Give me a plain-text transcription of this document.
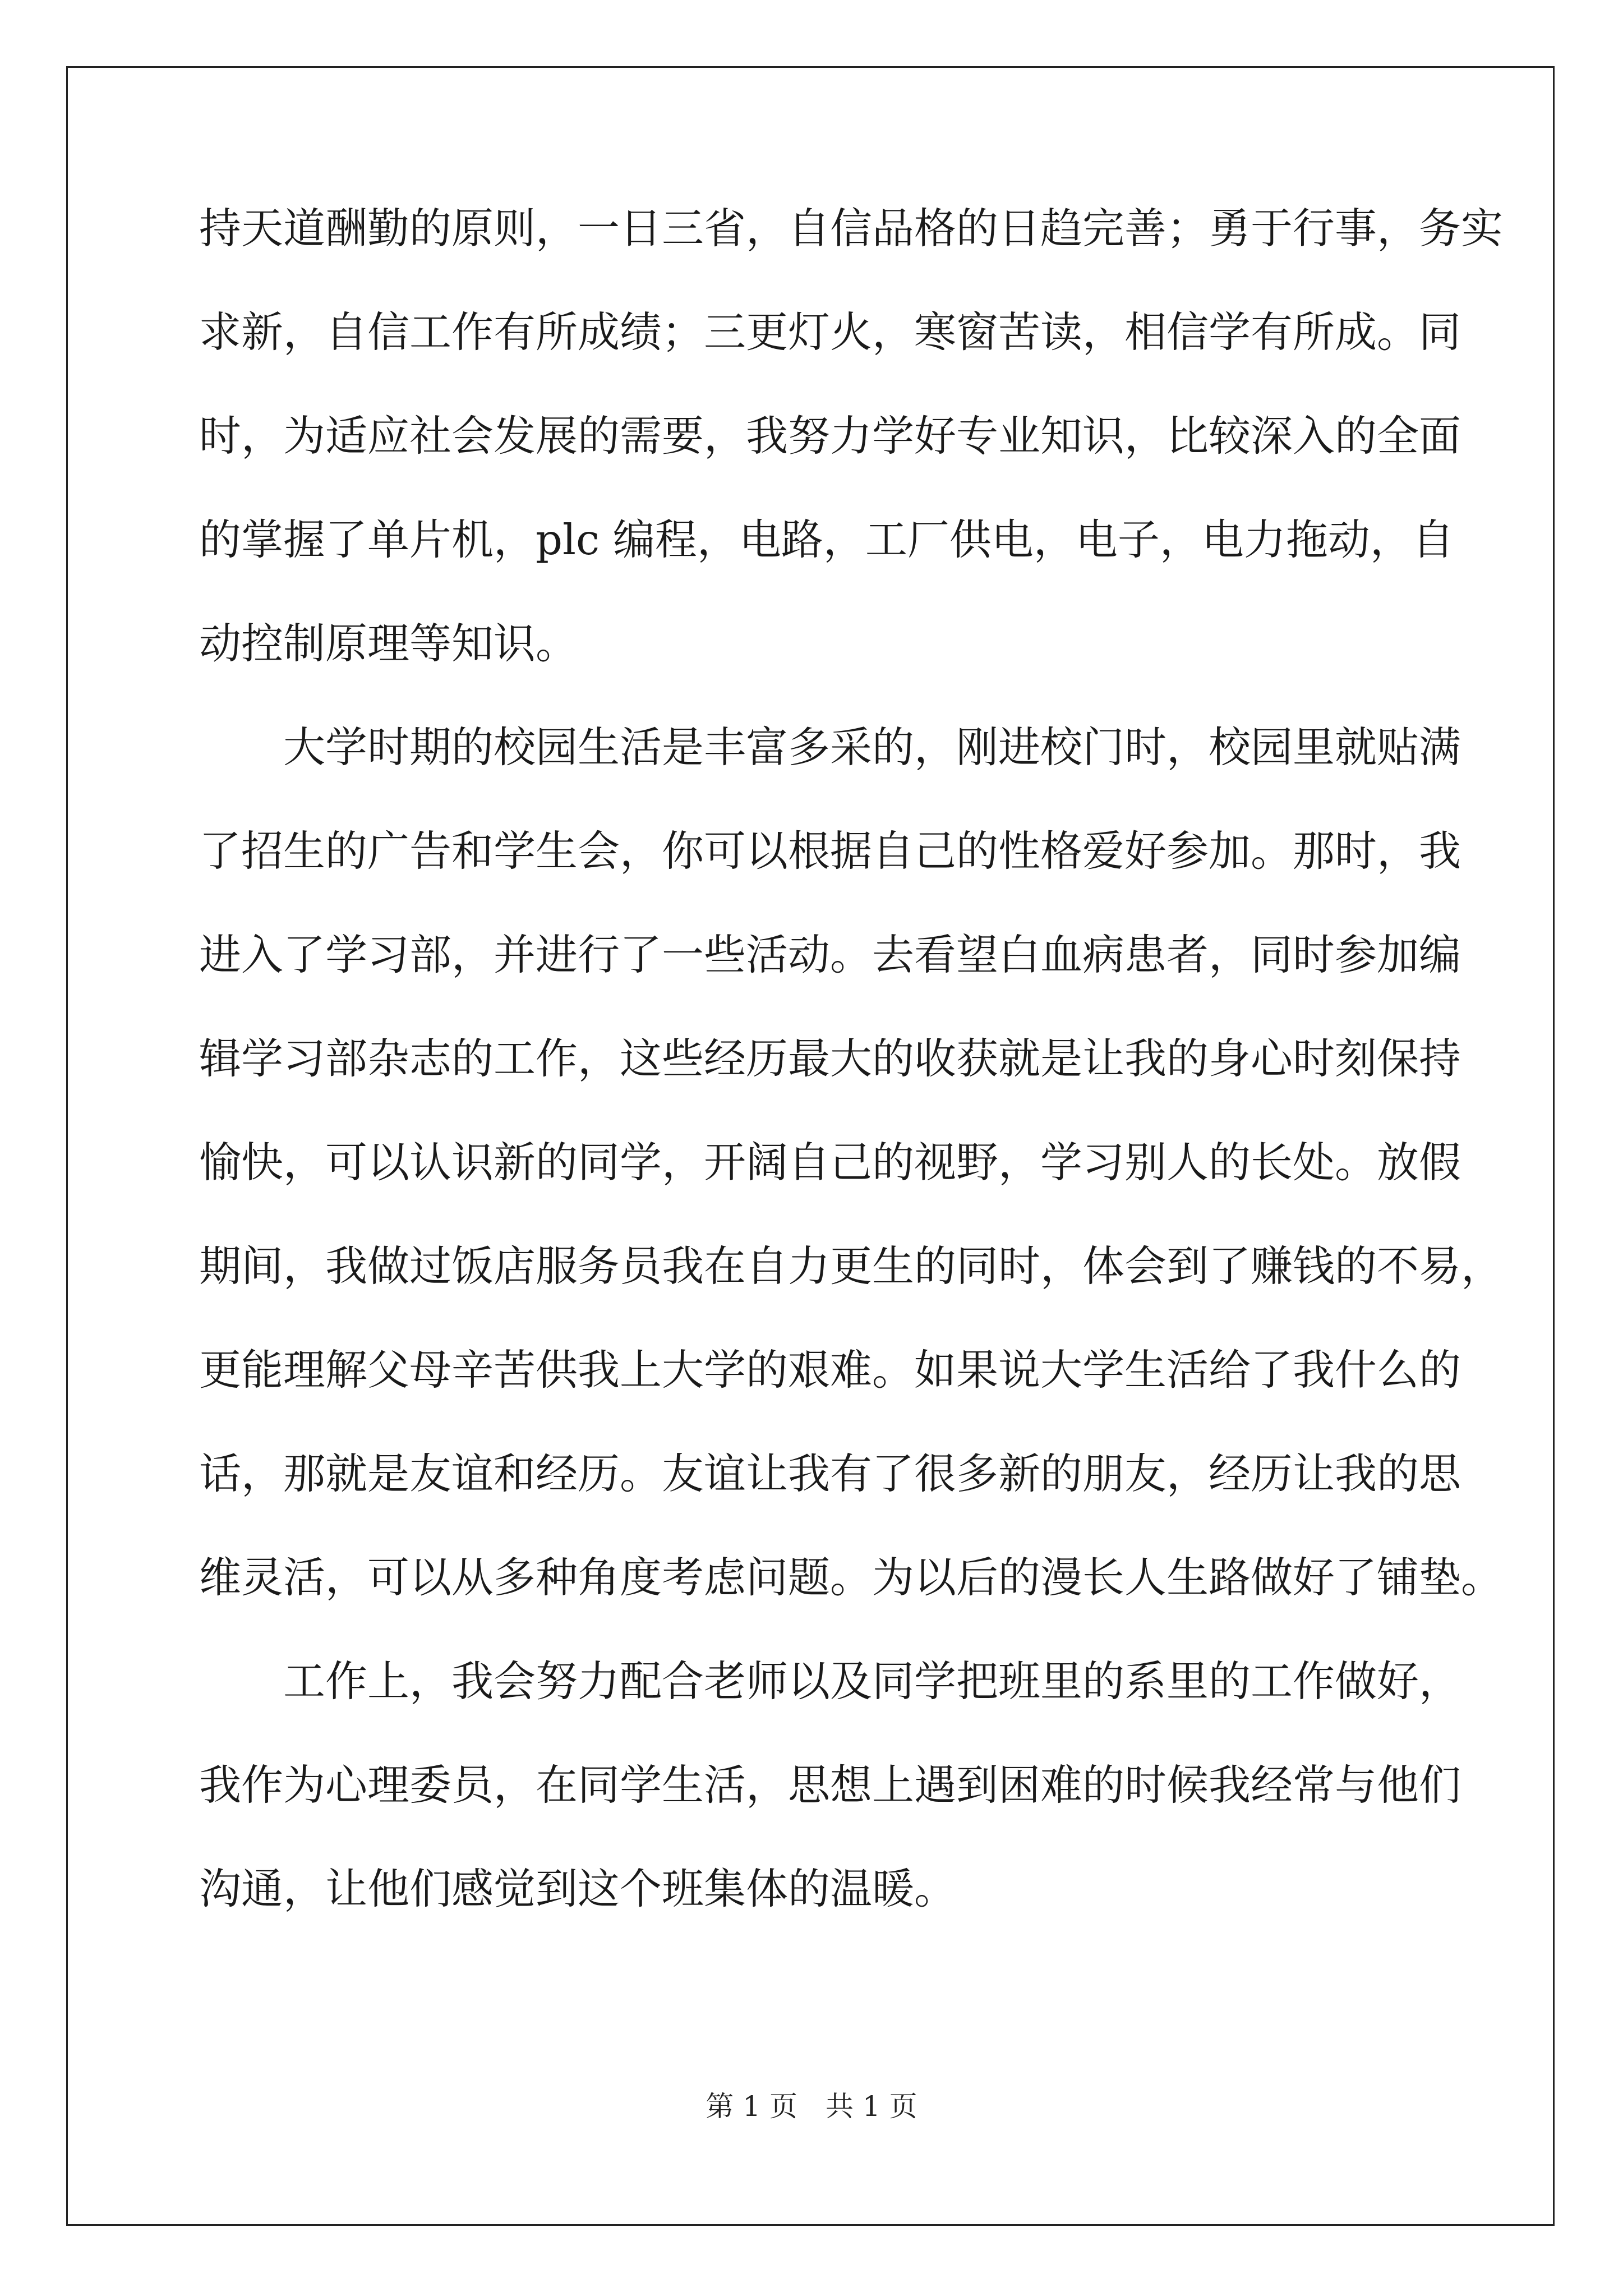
持天道酬勤的原则，一日三省，自信品格的日趋完善；勇于行事，务实
求新，自信工作有所成绩；三更灯火，寒窗苦读，相信学有所成。同
时，为适应社会发展的需要，我努力学好专业知识，比较深入的全面
的掌握了单片机，plc 编程，电路，工厂供电，电子，电力拖动，自
动控制原理等知识。
大学时期的校园生活是丰富多采的，刚进校门时，校园里就贴满
了招生的广告和学生会，你可以根据自己的性格爱好参加。那时，我
进入了学习部，并进行了一些活动。去看望白血病患者，同时参加编
辑学习部杂志的工作，这些经历最大的收获就是让我的身心时刻保持
愉快，可以认识新的同学，开阔自己的视野，学习别人的长处。放假
期间，我做过饭店服务员我在自力更生的同时，体会到了赚钱的不易，
更能理解父母辛苦供我上大学的艰难。如果说大学生活给了我什么的
话，那就是友谊和经历。友谊让我有了很多新的朋友，经历让我的思
维灵活，可以从多种角度考虑问题。为以后的漫长人生路做好了铺垫。
工作上，我会努力配合老师以及同学把班里的系里的工作做好，
我作为心理委员，在同学生活，思想上遇到困难的时候我经常与他们
沟通，让他们感觉到这个班集体的温暖。
第 1 页　共 1 页
